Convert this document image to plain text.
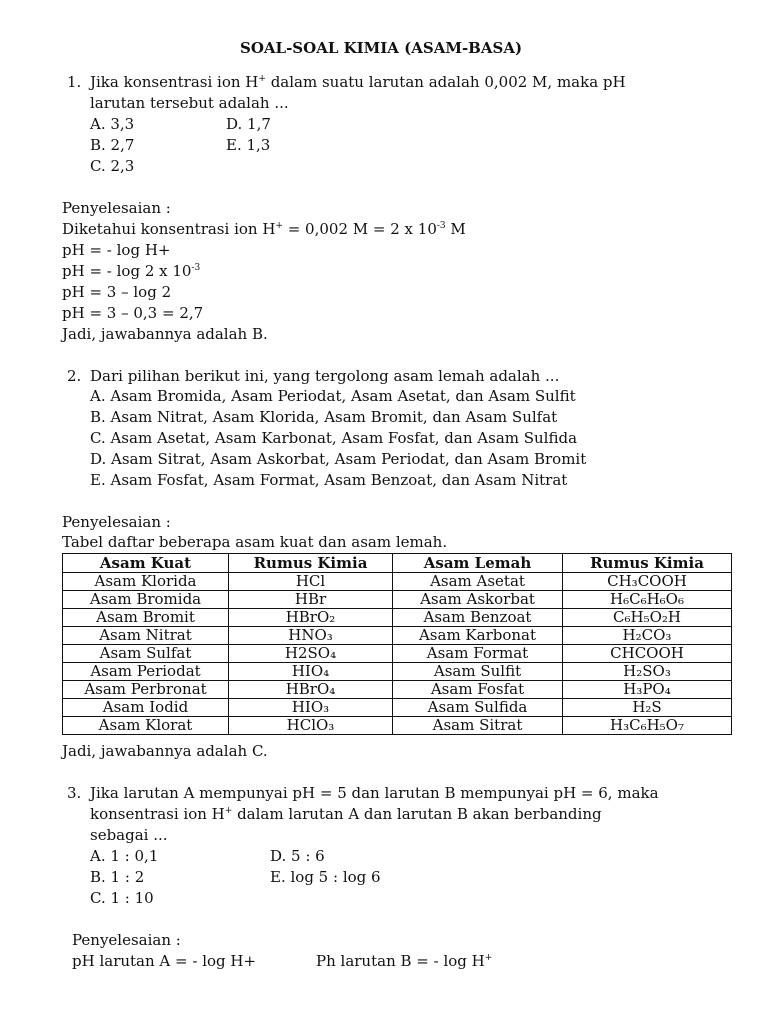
SOAL-SOAL KIMIA (ASAM-BASA)
1. Jika konsentrasi ion H+ dalam suatu larutan adalah 0,002 M, maka pH
larutan tersebut adalah ...
A. 3,3	D. 1,7
B. 2,7	E. 1,3
C. 2,3
Penyelesaian :
Diketahui konsentrasi ion H+ = 0,002 M = 2 x $10^{-3}$ M
pH = - log H+
pH = - log 2 x $10^{-3}$
pH = 3 – log 2
pH = 3 – 0,3 = 2,7
Jadi, jawabannya adalah B.
2. Dari pilihan berikut ini, yang tergolong asam lemah adalah ...
A. Asam Bromida, Asam Periodat, Asam Asetat, dan Asam Sulfit
B. Asam Nitrat, Asam Klorida, Asam Bromit, dan Asam Sulfat
C. Asam Asetat, Asam Karbonat, Asam Fosfat, dan Asam Sulfida
D. Asam Sitrat, Asam Askorbat, Asam Periodat, dan Asam Bromit
E. Asam Fosfat, Asam Format, Asam Benzoat, dan Asam Nitrat
Penyelesaian :
Tabel daftar beberapa asam kuat dan asam lemah.
Asam Kuat	Rumus Kimia	Asam Lemah	Rumus Kimia
Asam Klorida	HCl	Asam Asetat	CH₃COOH
Asam Bromida	HBr	Asam Askorbat	H₆C₆H₆O₆
Asam Bromit	HBrO₂	Asam Benzoat	C₆H₅O₂H
Asam Nitrat	HNO₃	Asam Karbonat	H₂CO₃
Asam Sulfat	H2SO₄	Asam Format	CHCOOH
Asam Periodat	HIO₄	Asam Sulfit	H₂SO₃
Asam Perbronat	HBrO₄	Asam Fosfat	H₃PO₄
Asam Iodid	HIO₃	Asam Sulfida	H₂S
Asam Klorat	HClO₃	Asam Sitrat	H₃C₆H₅O₇
Jadi, jawabannya adalah C.
3. Jika larutan A mempunyai pH = 5 dan larutan B mempunyai pH = 6, maka
konsentrasi ion H+ dalam larutan A dan larutan B akan berbanding
sebagai ...
A. 1 : 0,1	D. 5 : 6
B. 1 : 2	E. log 5 : log 6
C. 1 : 10
Penyelesaian :
pH larutan A = - log H+	Ph larutan B = - log H+
